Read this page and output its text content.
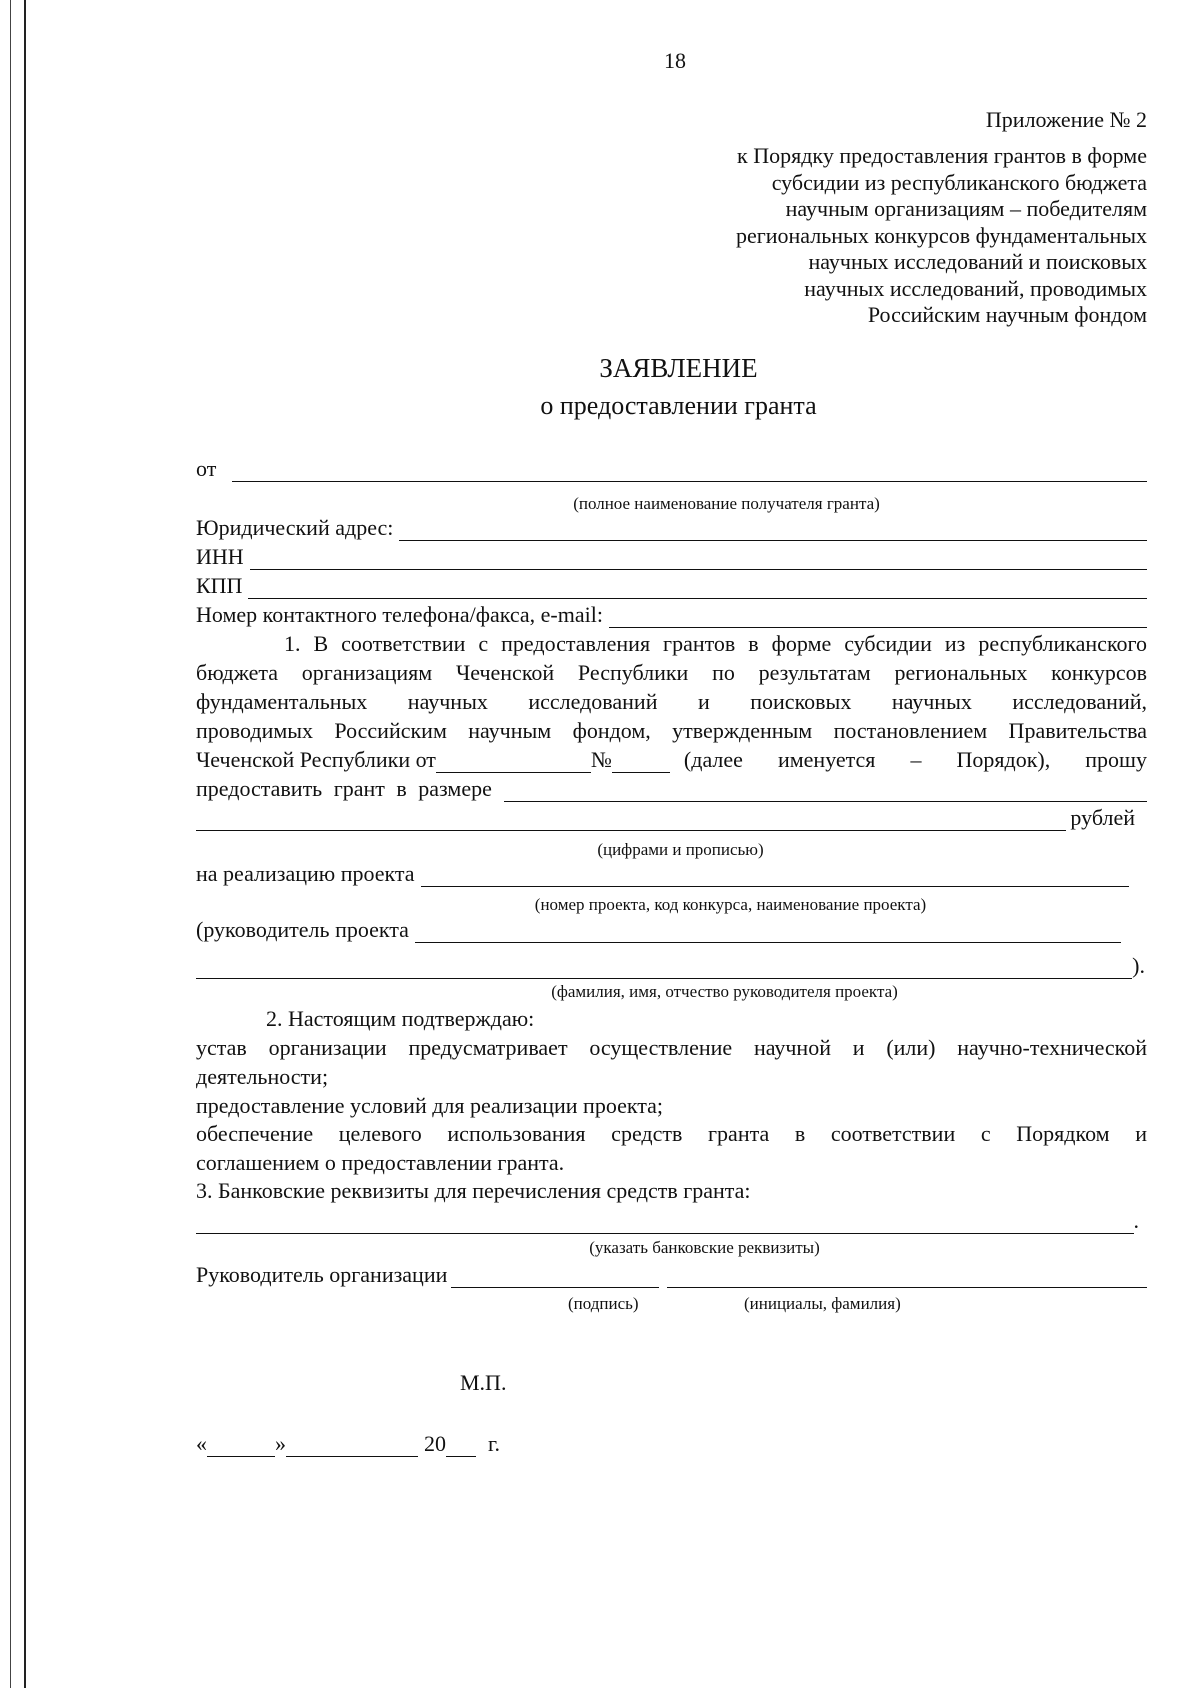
18
Приложение № 2
к Порядку предоставления грантов в форме
субсидии из республиканского бюджета
научным организациям – победителям
региональных конкурсов фундаментальных
научных исследований и поисковых
научных исследований, проводимых
Российским научным фондом
ЗАЯВЛЕНИЕ
о предоставлении гранта
от
(полное наименование получателя гранта)
Юридический адрес:
ИНН
КПП
Номер контактного телефона/факса, e-mail:
1. В соответствии с предоставления грантов в форме субсидии из республиканского
бюджета организациям Чеченской Республики по результатам региональных конкурсов
фундаментальных научных исследований и поисковых научных исследований,
проводимых Российским научным фондом, утвержденным постановлением Правительства
Чеченской Республики от	№	(далее именуется – Порядок), прошу
предоставить грант в размере
рублей
(цифрами и прописью)
на реализацию проекта
(номер проекта, код конкурса, наименование проекта)
(руководитель проекта
).
(фамилия, имя, отчество руководителя проекта)
2. Настоящим подтверждаю:
устав организации предусматривает осуществление научной и (или) научно-технической
деятельности;
предоставление условий для реализации проекта;
обеспечение целевого использования средств гранта в соответствии с Порядком и
соглашением о предоставлении гранта.
3. Банковские реквизиты для перечисления средств гранта:
.
(указать банковские реквизиты)
Руководитель организации
(подпись)	(инициалы, фамилия)
М.П.
«	»	20 г.
